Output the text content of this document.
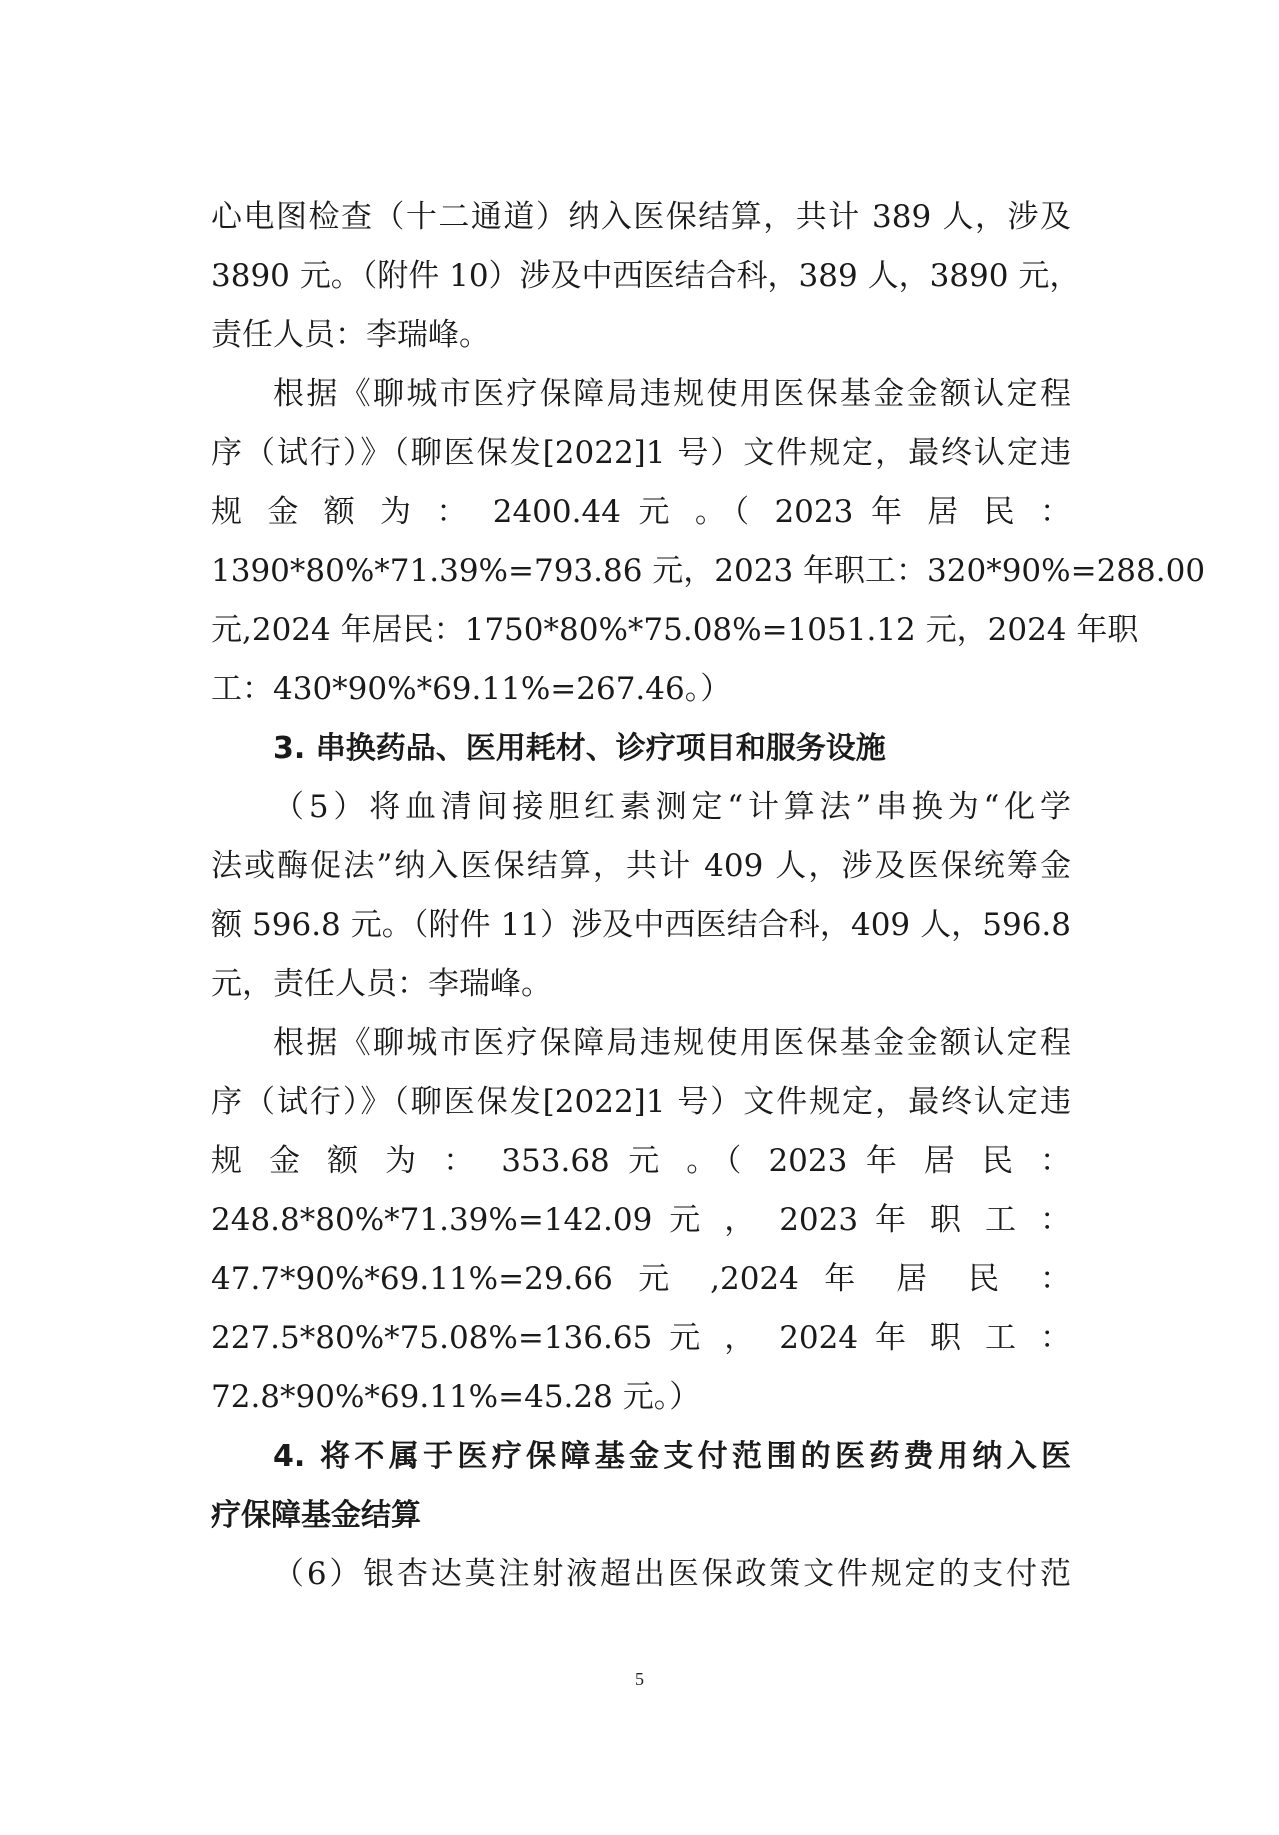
心电图检查（十二通道）纳入医保结算，共计 389 人，涉及
3890 元。（附件 10）涉及中西医结合科，389 人，3890 元，
责任人员：李瑞峰。
根据《聊城市医疗保障局违规使用医保基金金额认定程
序（试行）》（聊医保发[2022]1 号）文件规定，最终认定违
规 金 额 为 ： 2400.44 元 。（ 2023 年 居 民 ：
1390*80%*71.39%=793.86 元，2023 年职工：320*90%=288.00
元,2024 年居民：1750*80%*75.08%=1051.12 元，2024 年职
工：430*90%*69.11%=267.46。）
3. 串换药品、医用耗材、诊疗项目和服务设施
（5）将血清间接胆红素测定“计算法”串换为“化学
法或酶促法”纳入医保结算，共计 409 人，涉及医保统筹金
额 596.8 元。（附件 11）涉及中西医结合科，409 人，596.8
元，责任人员：李瑞峰。
根据《聊城市医疗保障局违规使用医保基金金额认定程
序（试行）》（聊医保发[2022]1 号）文件规定，最终认定违
规 金 额 为 ： 353.68 元 。（ 2023 年 居 民 ：
248.8*80%*71.39%=142.09 元 ， 2023 年 职 工 ：
47.7*90%*69.11%=29.66 元 ,2024 年 居 民 ：
227.5*80%*75.08%=136.65 元 ， 2024 年 职 工 ：
72.8*90%*69.11%=45.28 元。）
4. 将不属于医疗保障基金支付范围的医药费用纳入医
疗保障基金结算
（6）银杏达莫注射液超出医保政策文件规定的支付范
5
